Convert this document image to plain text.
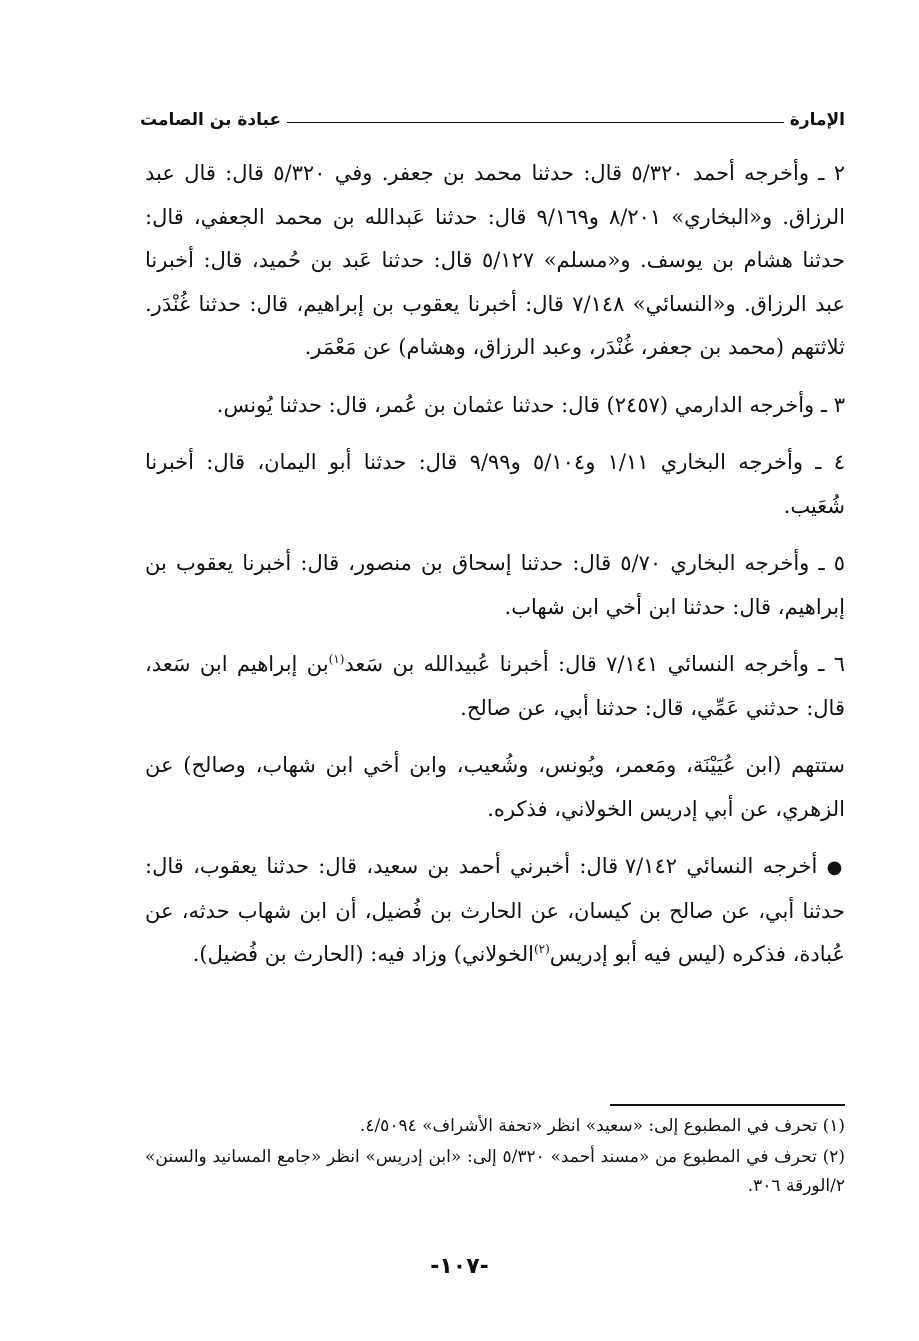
الإمارة
عبادة بن الصامت

٢ ـ وأخرجه أحمد ٥/٣٢٠ قال: حدثنا محمد بن جعفر. وفي ٥/٣٢٠ قال: قال عبد الرزاق. و«البخاري» ٨/٢٠١ و٩/١٦٩ قال: حدثنا عَبدالله بن محمد الجعفي، قال: حدثنا هشام بن يوسف. و«مسلم» ٥/١٢٧ قال: حدثنا عَبد بن حُميد، قال: أخبرنا عبد الرزاق. و«النسائي» ٧/١٤٨ قال: أخبرنا يعقوب بن إبراهيم، قال: حدثنا غُنْدَر. ثلاثتهم (محمد بن جعفر، غُنْدَر، وعبد الرزاق، وهشام) عن مَعْمَر.

٣ ـ وأخرجه الدارمي (٢٤٥٧) قال: حدثنا عثمان بن عُمر، قال: حدثنا يُونس.

٤ ـ وأخرجه البخاري ١/١١ و٥/١٠٤ و٩/٩٩ قال: حدثنا أبو اليمان، قال: أخبرنا شُعَيب.

٥ ـ وأخرجه البخاري ٥/٧٠ قال: حدثنا إسحاق بن منصور، قال: أخبرنا يعقوب بن إبراهيم، قال: حدثنا ابن أخي ابن شهاب.

٦ ـ وأخرجه النسائي ٧/١٤١ قال: أخبرنا عُبيدالله بن سَعد$^{(١)}$بن إبراهيم ابن سَعد، قال: حدثني عَمِّي، قال: حدثنا أبي، عن صالح.

ستتهم (ابن عُيَيْنَة، ومَعمر، ويُونس، وشُعيب، وابن أخي ابن شهاب، وصالح) عن الزهري، عن أبي إدريس الخولاني، فذكره.

● أخرجه النسائي ٧/١٤٢ قال: أخبرني أحمد بن سعيد، قال: حدثنا يعقوب، قال: حدثنا أبي، عن صالح بن كيسان، عن الحارث بن فُضيل، أن ابن شهاب حدثه، عن عُبادة، فذكره (ليس فيه أبو إدريس$^{(٢)}$الخولاني) وزاد فيه: (الحارث بن فُضيل).

(١) تحرف في المطبوع إلى: «سعيد» انظر «تحفة الأشراف» ٤/٥٠٩٤.

(٢) تحرف في المطبوع من «مسند أحمد» ٥/٣٢٠ إلى: «ابن إدريس» انظر «جامع المسانيد والسنن» ٢/الورقة ٣٠٦.

-١٠٧-
